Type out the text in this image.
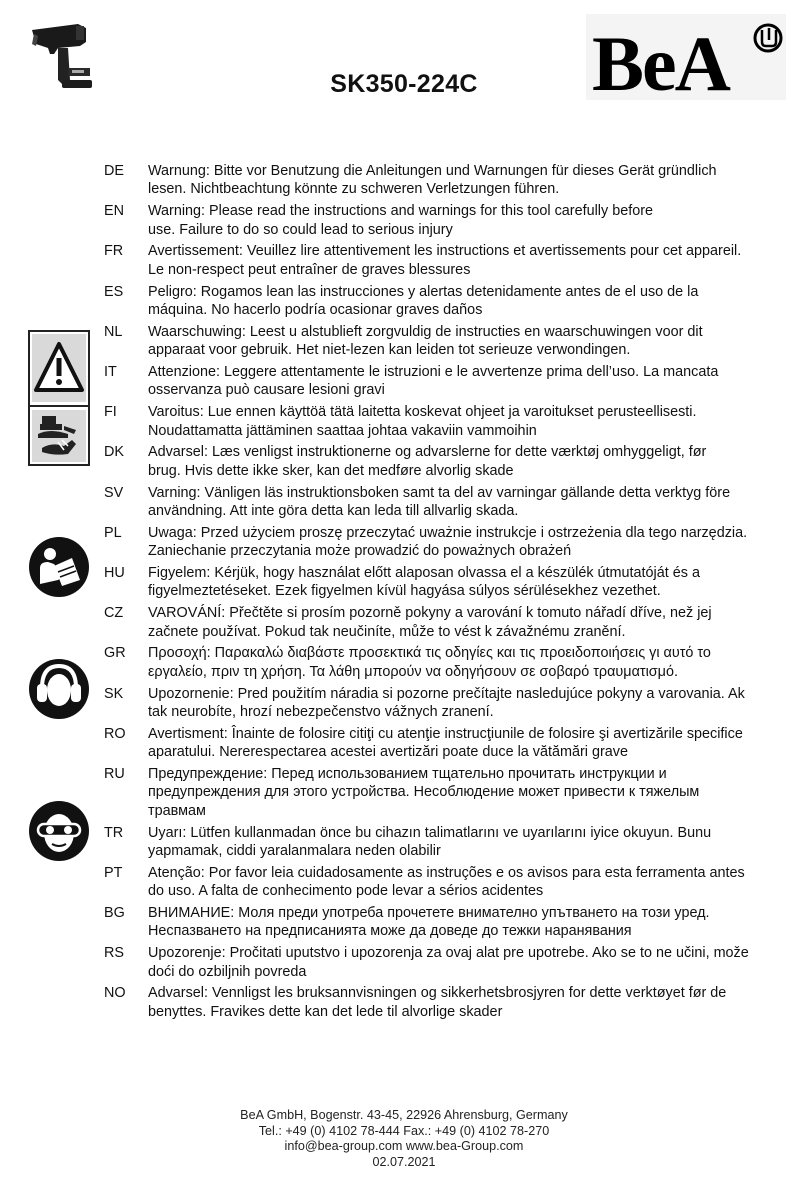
BeA
SK350-224C
DE	Warnung: Bitte vor Benutzung die Anleitungen und Warnungen für dieses Gerät gründlich
lesen. Nichtbeachtung könnte zu schweren Verletzungen führen.
EN	Warning: Please read the instructions and warnings for this tool carefully before
use. Failure to do so could lead to serious injury
FR	Avertissement: Veuillez lire attentivement les instructions et avertissements pour cet appareil.
Le non-respect peut entraîner de graves blessures
ES	Peligro: Rogamos lean las instrucciones y alertas detenidamente antes de el uso de la
máquina. No hacerlo podría ocasionar graves daños
NL	Waarschuwing: Leest u alstublieft zorgvuldig de instructies en waarschuwingen voor dit
apparaat voor gebruik. Het niet-lezen kan leiden tot serieuze verwondingen.
IT	Attenzione: Leggere attentamente le istruzioni e le avvertenze prima dell’uso. La mancata
osservanza può causare lesioni gravi
FI	Varoitus: Lue ennen käyttöä tätä laitetta koskevat ohjeet ja varoitukset perusteellisesti.
Noudattamatta jättäminen saattaa johtaa vakaviin vammoihin
DK	Advarsel: Læs venligst instruktionerne og advarslerne for dette værktøj omhyggeligt, før
brug. Hvis dette ikke sker, kan det medføre alvorlig skade
SV	Varning: Vänligen läs instruktionsboken samt ta del av varningar gällande detta verktyg före
användning. Att inte göra detta kan leda till allvarlig skada.
PL	Uwaga: Przed użyciem proszę przeczytać uważnie instrukcje i ostrzeżenia dla tego narzędzia.
Zaniechanie przeczytania może prowadzić do poważnych obrażeń
HU	Figyelem: Kérjük, hogy használat előtt alaposan olvassa el a készülék útmutatóját és a
figyelmeztetéseket. Ezek figyelmen kívül hagyása súlyos sérülésekhez vezethet.
CZ	VAROVÁNÍ: Přečtěte si prosím pozorně pokyny a varování k tomuto nářadí dříve, než jej
začnete používat. Pokud tak neučiníte, může to vést k závažnému zranění.
GR	Προσοχή: Παρακαλώ διαβάστε προσεκτικά τις οδηγίες και τις προειδοποιήσεις γι αυτό το
εργαλείο, πριν τη χρήση. Τα λάθη μπορούν να οδηγήσουν σε σοβαρό τραυματισμό.
SK	Upozornenie: Pred použitím náradia si pozorne prečítajte nasledujúce pokyny a varovania. Ak
tak neurobíte, hrozí nebezpečenstvo vážnych zranení.
RO	Avertisment: Înainte de folosire citiţi cu atenţie instrucţiunile de folosire şi avertizările specifice
aparatului. Nererespectarea acestei avertizări poate duce la vătămări grave
RU	Предупреждение: Перед использованием тщательно прочитать инструкции и
предупреждения для этого устройства. Несоблюдение может привести к тяжелым
травмам
TR	Uyarı: Lütfen kullanmadan önce bu cihazın talimatlarını ve uyarılarını iyice okuyun. Bunu
yapmamak, ciddi yaralanmalara neden olabilir
PT	Atenção: Por favor leia cuidadosamente as instruções e os avisos para esta ferramenta antes
do uso. A falta de conhecimento pode levar a sérios acidentes
BG	ВНИМАНИЕ: Моля преди употреба прочетете внимателно упътването на този уред.
Неспазването на предписанията може да доведе до тежки наранявания
RS	Upozorenje: Pročitati uputstvo i upozorenja za ovaj alat pre upotrebe. Ako se to ne učini, može
doći do ozbiljnih povreda
NO	Advarsel: Vennligst les bruksannvisningen og sikkerhetsbrosjyren for dette verktøyet før de
benyttes. Fravikes dette kan det lede til alvorlige skader
BeA GmbH, Bogenstr. 43-45, 22926 Ahrensburg, Germany
Tel.: +49 (0) 4102 78-444 Fax.: +49 (0) 4102 78-270
info@bea-group.com www.bea-Group.com
02.07.2021
